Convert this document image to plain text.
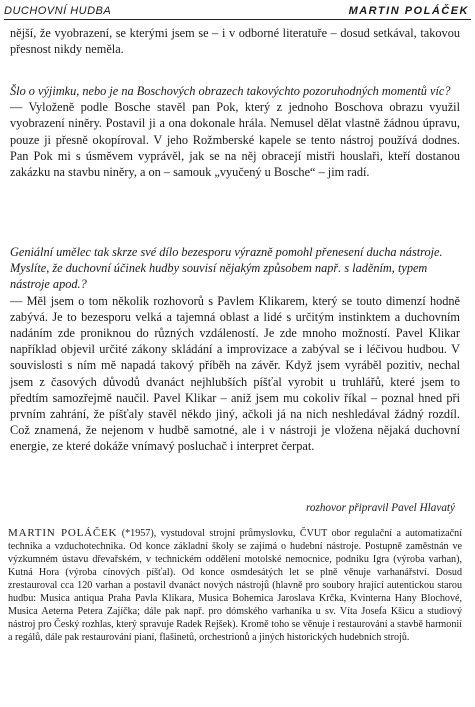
DUCHOVNÍ HUDBA	MARTIN POLÁČEK

nější, že vyobrazení, se kterými jsem se – i v odborné literatuře – dosud setkával, takovou přesnost nikdy neměla.

Šlo o výjimku, nebo je na Boschových obrazech takovýchto pozoruhodných momentů víc?

— Vyloženě podle Bosche stavěl pan Pok, který z jednoho Boschova obrazu využil vyobrazení niněry. Postavil ji a ona dokonale hrála. Nemusel dělat vlastně žádnou úpravu, pouze ji přesně okopíroval. V jeho Rožmberské kapele se tento nástroj používá dodnes. Pan Pok mi s úsměvem vyprávěl, jak se na něj obracejí mistři houslaři, kteří dostanou zakázku na stavbu niněry, a on – samouk „vyučený u Bosche“ – jim radí.

Geniální umělec tak skrze své dílo bezesporu výrazně pomohl přenesení ducha nástroje. Myslíte, že duchovní účinek hudby souvisí nějakým způsobem např. s laděním, typem nástroje apod.?

— Měl jsem o tom několik rozhovorů s Pavlem Klikarem, který se touto dimenzí hodně zabývá. Je to bezesporu velká a tajemná oblast a lidé s určitým instinktem a duchovním nadáním zde proniknou do různých vzdáleností. Je zde mnoho možností. Pavel Klikar například objevil určité zákony skládání a improvizace a zabýval se i léčivou hudbou. V souvislosti s ním mě napadá takový příběh na závěr. Když jsem vyráběl pozitiv, nechal jsem z časových důvodů dvanáct nejhlubších píšťal vyrobit u truhlářů, které jsem to předtím samozřejmě naučil. Pavel Klikar – aniž jsem mu cokoliv říkal – poznal hned při prvním zahrání, že píšťaly stavěl někdo jiný, ačkoli já na nich neshledával žádný rozdíl. Což znamená, že nejenom v hudbě samotné, ale i v nástroji je vložena nějaká duchovní energie, ze které dokáže vnímavý posluchač i interpret čerpat.

rozhovor připravil Pavel Hlavatý
MARTIN POLÁČEK (*1957), vystudoval strojní průmyslovku, ČVUT obor regulační a automatizační technika a vzduchotechnika. Od konce základní školy se zajímá o hudební nástroje. Postupně zaměstnán ve výzkumném ústavu dřevařském, v technickém oddělení motolské nemocnice, podniku Igra (výroba varhan), Kutná Hora (výroba cínových píšťal). Od konce osmdesátých let se plně věnuje varhanářství. Dosud zrestauroval cca 120 varhan a postavil dvanáct nových nástrojů (hlavně pro soubory hrající autentickou starou hudbu: Musica antiqua Praha Pavla Klikara, Musica Bohemica Jaroslava Krčka, Kvinterna Hany Blochové, Musica Aeterna Petera Zajíčka; dále pak např. pro dómského varhaníka u sv. Víta Josefa Kšicu a studiový nástroj pro Český rozhlas, který spravuje Radek Rejšek). Kromě toho se věnuje i restaurování a stavbě harmonií a regálů, dále pak restaurování pianí, flašinetů, orchestrionů a jiných historických hudebních strojů.
